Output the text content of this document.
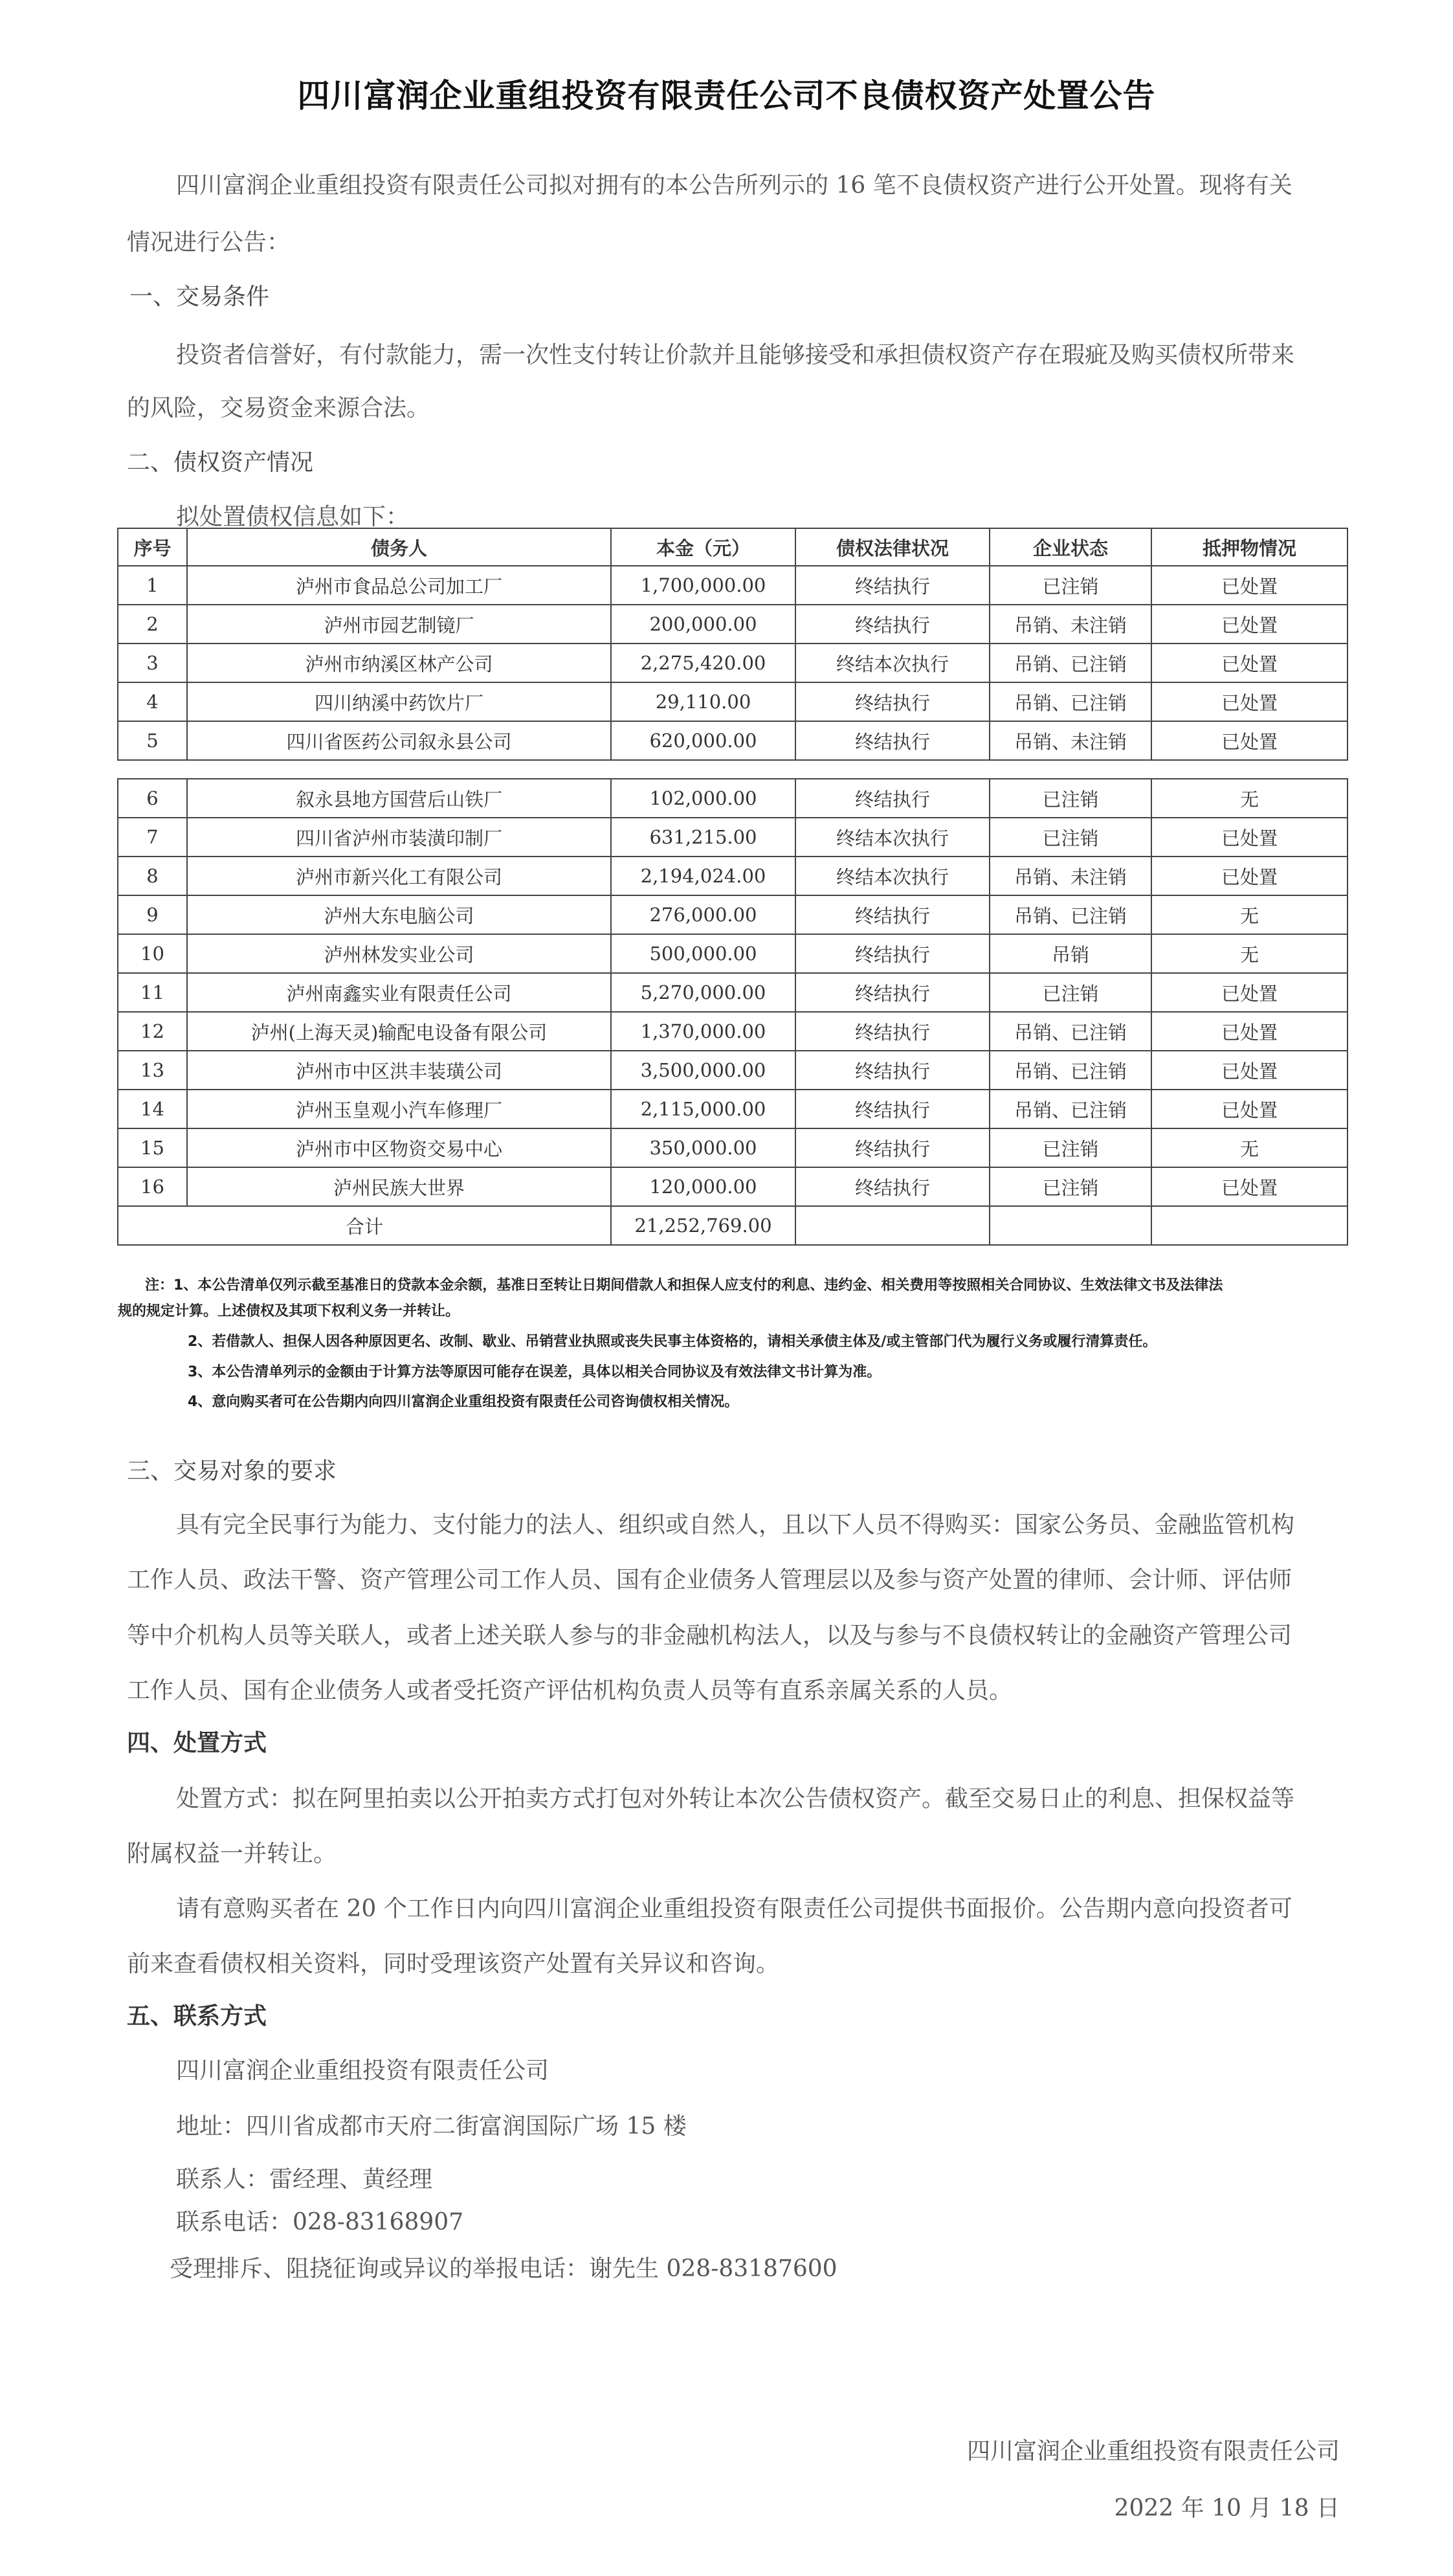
四川富润企业重组投资有限责任公司不良债权资产处置公告
四川富润企业重组投资有限责任公司拟对拥有的本公告所列示的 16 笔不良债权资产进行公开处置。现将有关
情况进行公告：
一、交易条件
投资者信誉好，有付款能力，需一次性支付转让价款并且能够接受和承担债权资产存在瑕疵及购买债权所带来
的风险，交易资金来源合法。
二、债权资产情况
拟处置债权信息如下：
序号	债务人	本金（元）	债权法律状况	企业状态	抵押物情况
1	泸州市食品总公司加工厂	1,700,000.00	终结执行	已注销	已处置
2	泸州市园艺制镜厂	200,000.00	终结执行	吊销、未注销	已处置
3	泸州市纳溪区林产公司	2,275,420.00	终结本次执行	吊销、已注销	已处置
4	四川纳溪中药饮片厂	29,110.00	终结执行	吊销、已注销	已处置
5	四川省医药公司叙永县公司	620,000.00	终结执行	吊销、未注销	已处置
6	叙永县地方国营后山铁厂	102,000.00	终结执行	已注销	无
7	四川省泸州市装潢印制厂	631,215.00	终结本次执行	已注销	已处置
8	泸州市新兴化工有限公司	2,194,024.00	终结本次执行	吊销、未注销	已处置
9	泸州大东电脑公司	276,000.00	终结执行	吊销、已注销	无
10	泸州林发实业公司	500,000.00	终结执行	吊销	无
11	泸州南鑫实业有限责任公司	5,270,000.00	终结执行	已注销	已处置
12	泸州(上海天灵)输配电设备有限公司	1,370,000.00	终结执行	吊销、已注销	已处置
13	泸州市中区洪丰装璜公司	3,500,000.00	终结执行	吊销、已注销	已处置
14	泸州玉皇观小汽车修理厂	2,115,000.00	终结执行	吊销、已注销	已处置
15	泸州市中区物资交易中心	350,000.00	终结执行	已注销	无
16	泸州民族大世界	120,000.00	终结执行	已注销	已处置
合计		21,252,769.00			
注：1、本公告清单仅列示截至基准日的贷款本金余额，基准日至转让日期间借款人和担保人应支付的利息、违约金、相关费用等按照相关合同协议、生效法律文书及法律法
规的规定计算。上述债权及其项下权利义务一并转让。
2、若借款人、担保人因各种原因更名、改制、歇业、吊销营业执照或丧失民事主体资格的，请相关承债主体及/或主管部门代为履行义务或履行清算责任。
3、本公告清单列示的金额由于计算方法等原因可能存在误差，具体以相关合同协议及有效法律文书计算为准。
4、意向购买者可在公告期内向四川富润企业重组投资有限责任公司咨询债权相关情况。
三、交易对象的要求
具有完全民事行为能力、支付能力的法人、组织或自然人，且以下人员不得购买：国家公务员、金融监管机构
工作人员、政法干警、资产管理公司工作人员、国有企业债务人管理层以及参与资产处置的律师、会计师、评估师
等中介机构人员等关联人，或者上述关联人参与的非金融机构法人，以及与参与不良债权转让的金融资产管理公司
工作人员、国有企业债务人或者受托资产评估机构负责人员等有直系亲属关系的人员。
四、处置方式
处置方式：拟在阿里拍卖以公开拍卖方式打包对外转让本次公告债权资产。截至交易日止的利息、担保权益等
附属权益一并转让。
请有意购买者在 20 个工作日内向四川富润企业重组投资有限责任公司提供书面报价。公告期内意向投资者可
前来查看债权相关资料，同时受理该资产处置有关异议和咨询。
五、联系方式
四川富润企业重组投资有限责任公司
地址：四川省成都市天府二街富润国际广场 15 楼
联系人：雷经理、黄经理
联系电话：028-83168907
受理排斥、阻挠征询或异议的举报电话：谢先生 028-83187600
四川富润企业重组投资有限责任公司
2022 年 10 月 18 日
